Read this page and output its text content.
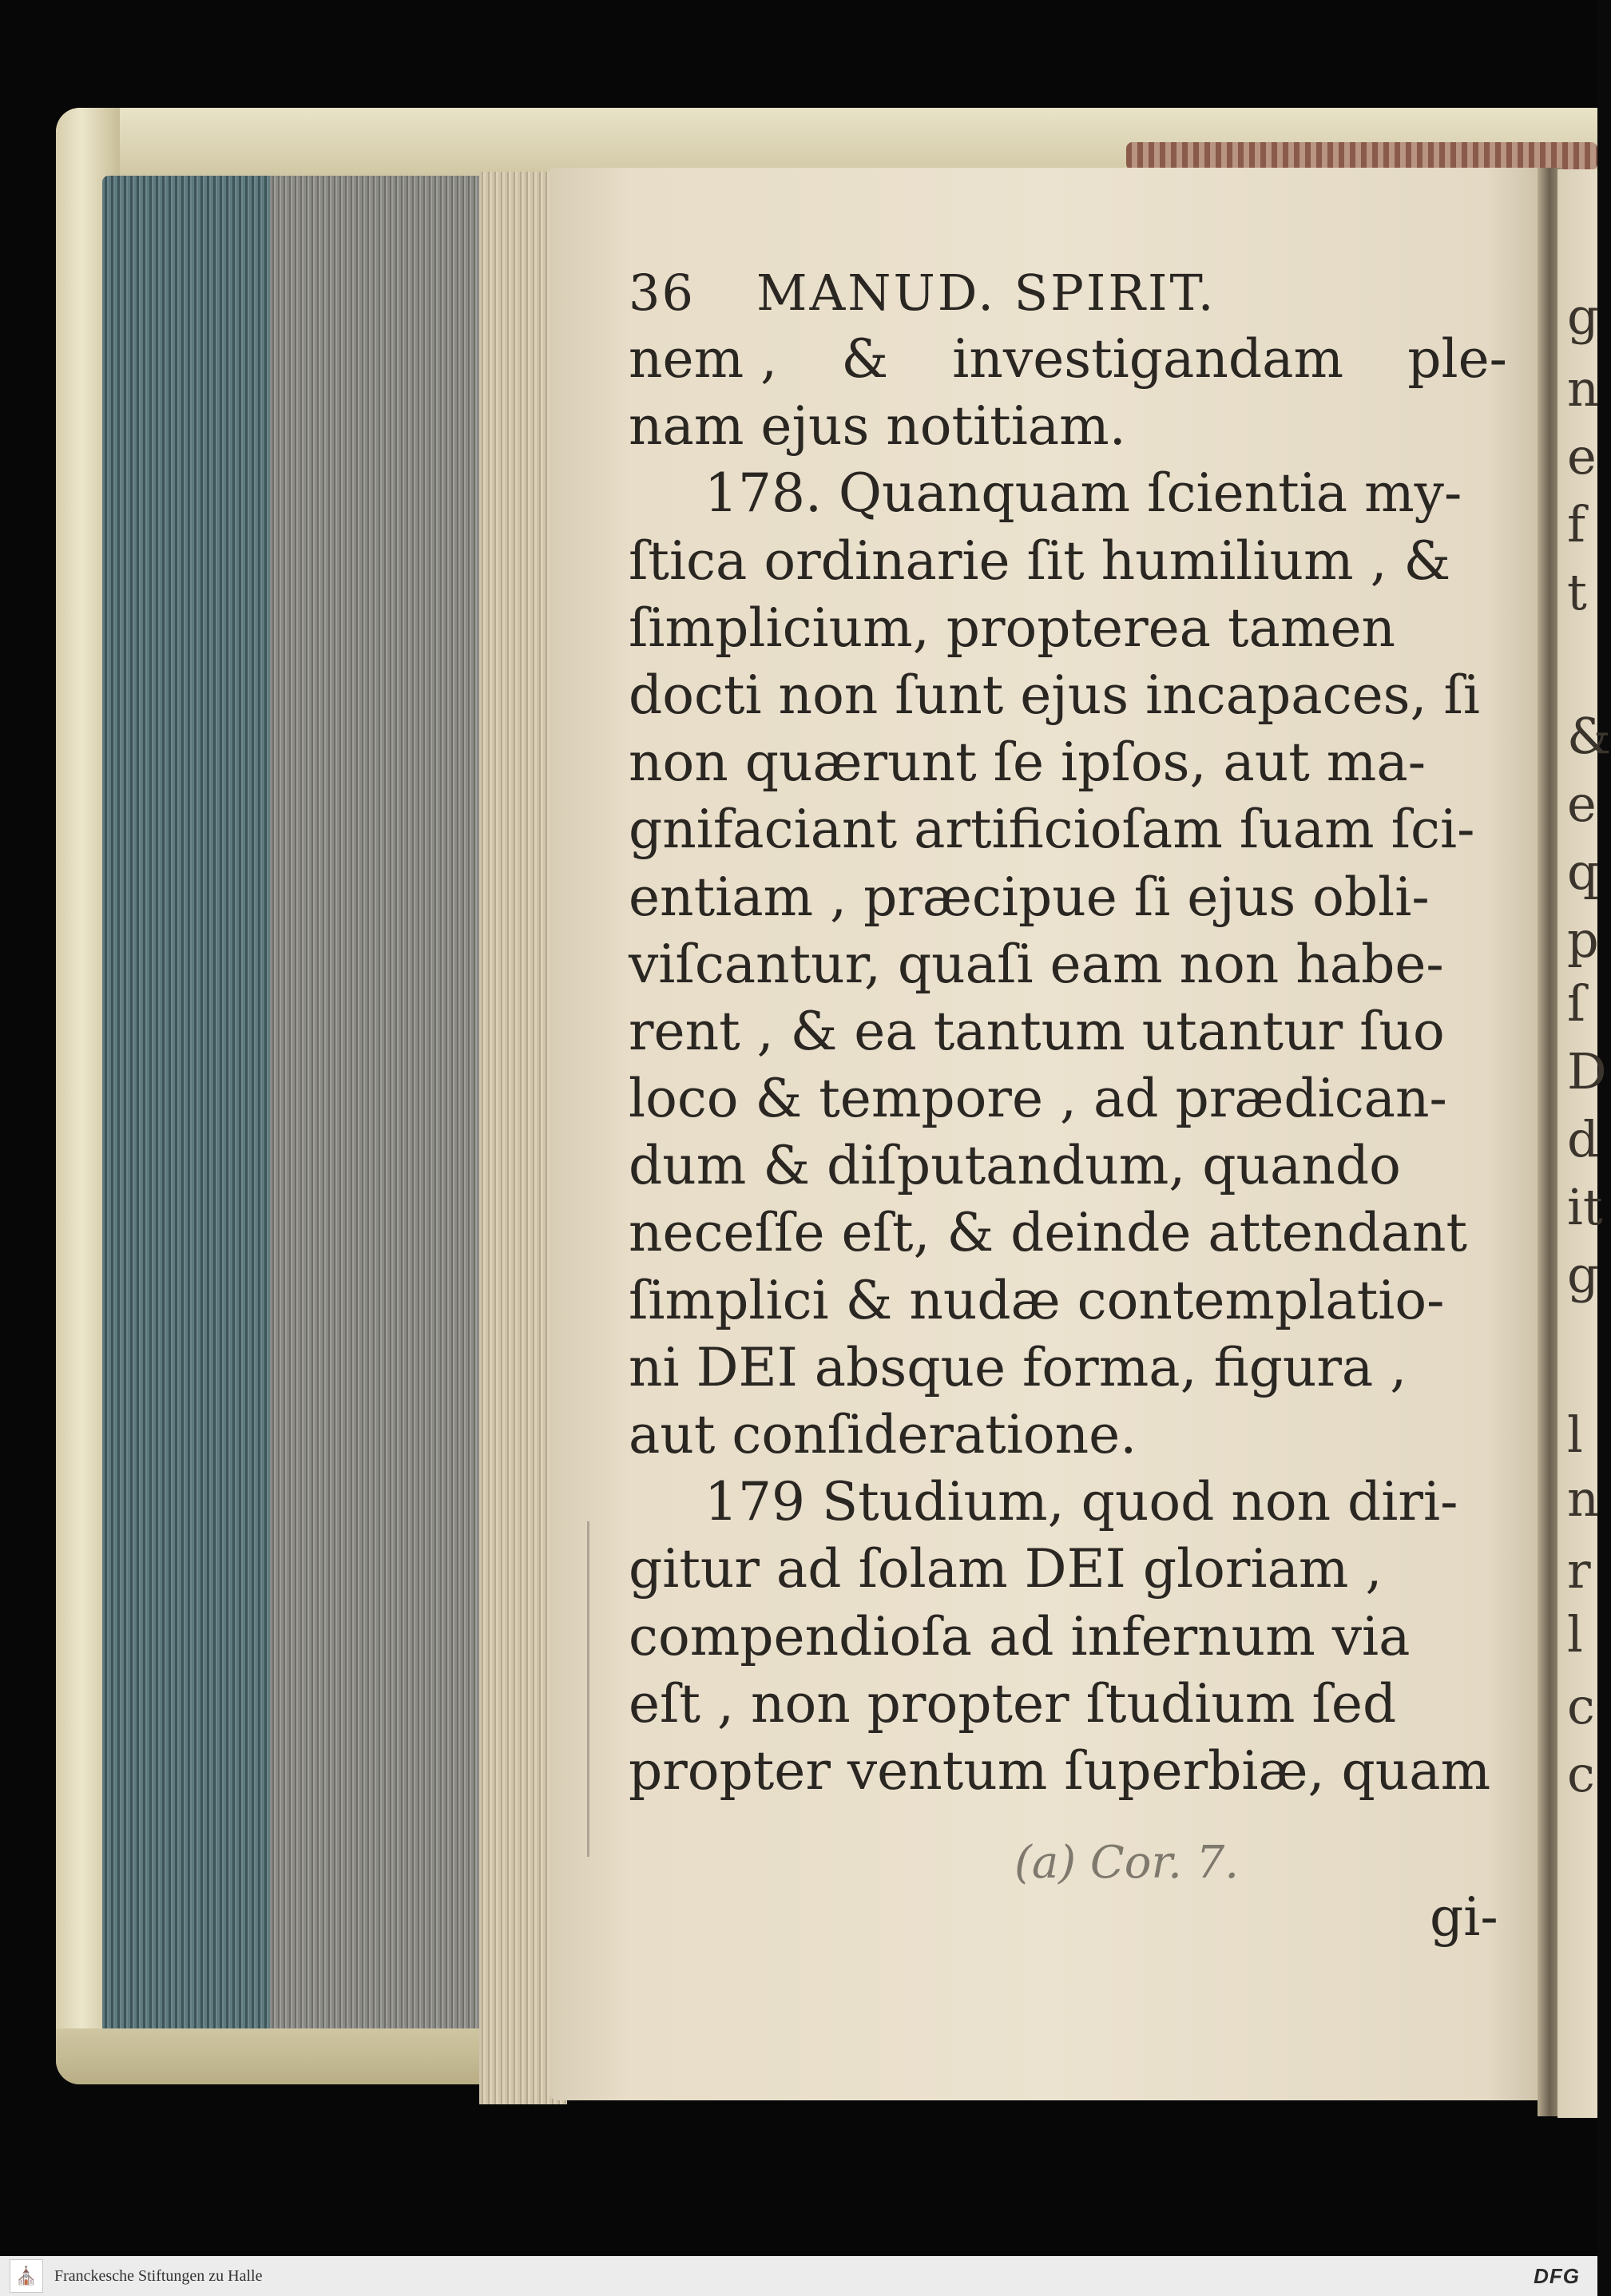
36	MANUD. SPIRIT.
nem , & investigandam ple-
nam ejus notitiam.
178. Quanquam ſcientia my-
ſtica ordinarie ſit humilium , &
ſimplicium, propterea tamen
docti non ſunt ejus incapaces, ſi
non quærunt ſe ipſos, aut ma-
gnifaciant artificioſam ſuam ſci-
entiam , præcipue ſi ejus obli-
viſcantur, quaſi eam non habe-
rent , & ea tantum utantur ſuo
loco & tempore , ad prædican-
dum & diſputandum, quando
neceſſe eſt, & deinde attendant
ſimplici & nudæ contemplatio-
ni DEI absque forma, figura ,
aut conſideratione.
179 Studium, quod non diri-
gitur ad ſolam DEI gloriam ,
compendioſa ad infernum via
eſt , non propter ſtudium ſed
propter ventum ſuperbiæ, quam
(a) Cor. 7.
gi-
g
n
e
f
t
&
e
q
p
ſ
D
d
it
g
l
n
r
l
c
c
⛪	Franckesche Stiftungen zu Halle	DFG
